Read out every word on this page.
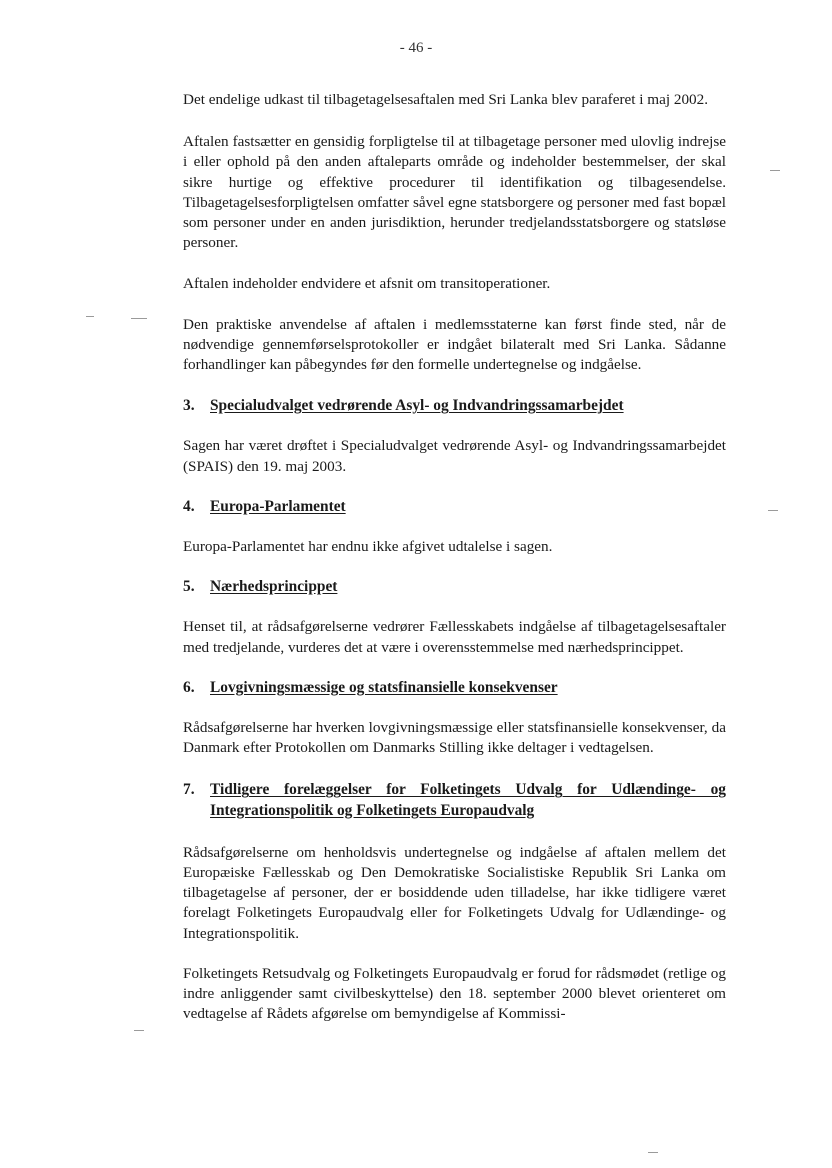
- 46 -

Det endelige udkast til tilbagetagelsesaftalen med Sri Lanka blev paraferet i maj 2002.

Aftalen fastsætter en gensidig forpligtelse til at tilbagetage personer med ulovlig indrejse i eller ophold på den anden aftaleparts område og indeholder bestemmelser, der skal sikre hurtige og effektive procedurer til identifikation og tilbagesendelse. Tilbagetagelsesforpligtelsen omfatter såvel egne statsborgere og personer med fast bopæl som personer under en anden jurisdiktion, herunder tredjelandsstatsborgere og statsløse personer.

Aftalen indeholder endvidere et afsnit om transitoperationer.

Den praktiske anvendelse af aftalen i medlemsstaterne kan først finde sted, når de nødvendige gennemførselsprotokoller er indgået bilateralt med Sri Lanka. Sådanne forhandlinger kan påbegyndes før den formelle undertegnelse og indgåelse.

3.	Specialudvalget vedrørende Asyl- og Indvandringssamarbejdet

Sagen har været drøftet i Specialudvalget vedrørende Asyl- og Indvandringssamarbejdet (SPAIS) den 19. maj 2003.

4.	Europa-Parlamentet

Europa-Parlamentet har endnu ikke afgivet udtalelse i sagen.

5.	Nærhedsprincippet

Henset til, at rådsafgørelserne vedrører Fællesskabets indgåelse af tilbagetagelsesaftaler med tredjelande, vurderes det at være i overensstemmelse med nærhedsprincippet.

6.	Lovgivningsmæssige og statsfinansielle konsekvenser

Rådsafgørelserne har hverken lovgivningsmæssige eller statsfinansielle konsekvenser, da Danmark efter Protokollen om Danmarks Stilling ikke deltager i vedtagelsen.

7.	Tidligere forelæggelser for Folketingets Udvalg for Udlændinge- og Integrationspolitik og Folketingets Europaudvalg

Rådsafgørelserne om henholdsvis undertegnelse og indgåelse af aftalen mellem det Europæiske Fællesskab og Den Demokratiske Socialistiske Republik Sri Lanka om tilbagetagelse af personer, der er bosiddende uden tilladelse, har ikke tidligere været forelagt Folketingets Europaudvalg eller for Folketingets Udvalg for Udlændinge- og Integrationspolitik.

Folketingets Retsudvalg og Folketingets Europaudvalg er forud for rådsmødet (retlige og indre anliggender samt civilbeskyttelse) den 18. september 2000 blevet orienteret om vedtagelse af Rådets afgørelse om bemyndigelse af Kommissi-
